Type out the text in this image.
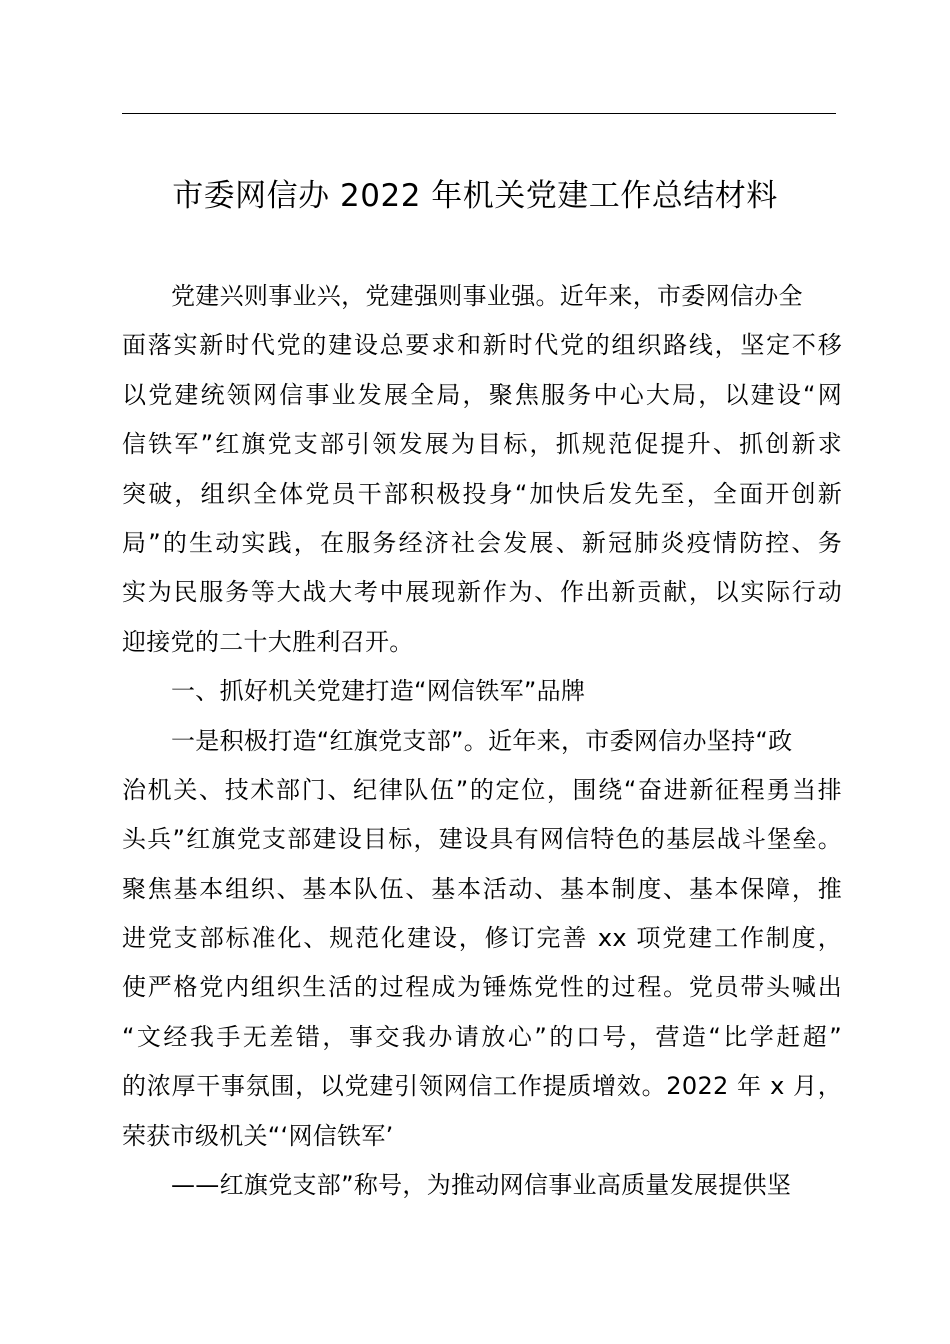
市委网信办 2022 年机关党建工作总结材料
党建兴则事业兴，党建强则事业强。近年来，市委网信办全
面落实新时代党的建设总要求和新时代党的组织路线，坚定不移
以党建统领网信事业发展全局，聚焦服务中心大局，以建设“网
信铁军”红旗党支部引领发展为目标，抓规范促提升、抓创新求
突破，组织全体党员干部积极投身“加快后发先至，全面开创新
局”的生动实践，在服务经济社会发展、新冠肺炎疫情防控、务
实为民服务等大战大考中展现新作为、作出新贡献，以实际行动
迎接党的二十大胜利召开。
一、抓好机关党建打造“网信铁军”品牌
一是积极打造“红旗党支部”。近年来，市委网信办坚持“政
治机关、技术部门、纪律队伍”的定位，围绕“奋进新征程勇当排
头兵”红旗党支部建设目标，建设具有网信特色的基层战斗堡垒。
聚焦基本组织、基本队伍、基本活动、基本制度、基本保障，推
进党支部标准化、规范化建设，修订完善 xx 项党建工作制度，
使严格党内组织生活的过程成为锤炼党性的过程。党员带头喊出
“文经我手无差错，事交我办请放心”的口号，营造“比学赶超”
的浓厚干事氛围，以党建引领网信工作提质增效。2022 年 x 月，
荣获市级机关“‘网信铁军’
——红旗党支部”称号，为推动网信事业高质量发展提供坚
